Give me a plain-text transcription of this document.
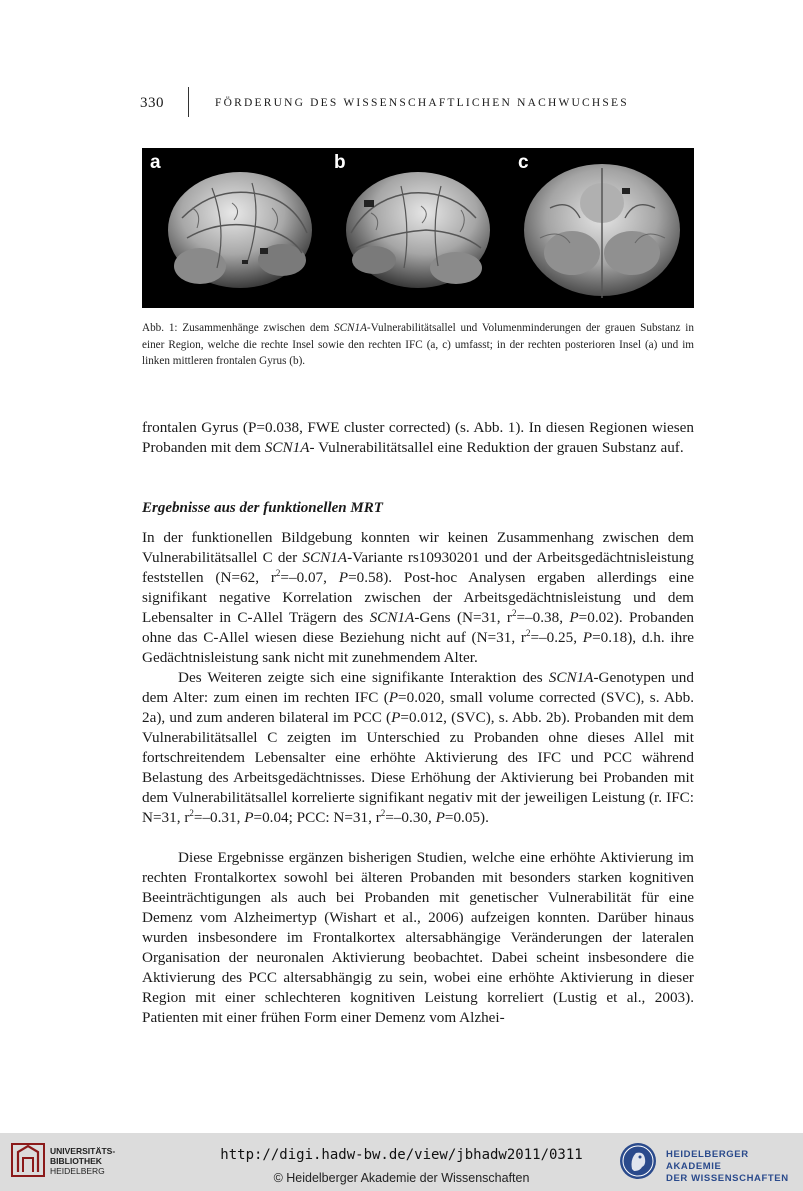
330	FÖRDERUNG DES WISSENSCHAFTLICHEN NACHWUCHSES
a	b	c
Abb. 1: Zusammenhänge zwischen dem SCN1A-Vulnerabilitätsallel und Volumenminderungen der grauen Substanz in einer Region, welche die rechte Insel sowie den rechten IFC (a, c) umfasst; in der rechten posterioren Insel (a) und im linken mittleren frontalen Gyrus (b).
frontalen Gyrus (P=0.038, FWE cluster corrected) (s. Abb. 1). In diesen Regionen wiesen Probanden mit dem SCN1A- Vulnerabilitätsallel eine Reduktion der grauen Substanz auf.
Ergebnisse aus der funktionellen MRT
In der funktionellen Bildgebung konnten wir keinen Zusammenhang zwischen dem Vulnerabilitätsallel C der SCN1A-Variante rs10930201 und der Arbeitsgedächtnisleistung feststellen (N=62, $r^2=-0.07$, P=0.58). Post-hoc Analysen ergaben allerdings eine signifikant negative Korrelation zwischen der Arbeitsgedächtnisleistung und dem Lebensalter in C-Allel Trägern des SCN1A-Gens (N=31, $r^2=-0.38$, P=0.02). Probanden ohne das C-Allel wiesen diese Beziehung nicht auf (N=31, $r^2=-0.25$, P=0.18), d.h. ihre Gedächtnisleistung sank nicht mit zunehmendem Alter.
Des Weiteren zeigte sich eine signifikante Interaktion des SCN1A-Genotypen und dem Alter: zum einen im rechten IFC (P=0.020, small volume corrected (SVC), s. Abb. 2a), und zum anderen bilateral im PCC (P=0.012, (SVC), s. Abb. 2b). Probanden mit dem Vulnerabilitätsallel C zeigten im Unterschied zu Probanden ohne dieses Allel mit fortschreitendem Lebensalter eine erhöhte Aktivierung des IFC und PCC während Belastung des Arbeitsgedächtnisses. Diese Erhöhung der Aktivierung bei Probanden mit dem Vulnerabilitätsallel korrelierte signifikant negativ mit der jeweiligen Leistung (r. IFC: N=31, $r^2=-0.31$, P=0.04; PCC: N=31, $r^2=-0.30$, P=0.05).
Diese Ergebnisse ergänzen bisherigen Studien, welche eine erhöhte Aktivierung im rechten Frontalkortex sowohl bei älteren Probanden mit besonders starken kognitiven Beeinträchtigungen als auch bei Probanden mit genetischer Vulnerabilität für eine Demenz vom Alzheimertyp (Wishart et al., 2006) aufzeigen konnten. Darüber hinaus wurden insbesondere im Frontalkortex altersabhängige Veränderungen der lateralen Organisation der neuronalen Aktivierung beobachtet. Dabei scheint insbesondere die Aktivierung des PCC altersabhängig zu sein, wobei eine erhöhte Aktivierung in dieser Region mit einer schlechteren kognitiven Leistung korreliert (Lustig et al., 2003). Patienten mit einer frühen Form einer Demenz vom Alzhei-
UNIVERSITÄTS-
BIBLIOTHEK
HEIDELBERG
http://digi.hadw-bw.de/view/jbhadw2011/0311
© Heidelberger Akademie der Wissenschaften
HEIDELBERGER AKADEMIE
DER WISSENSCHAFTEN
